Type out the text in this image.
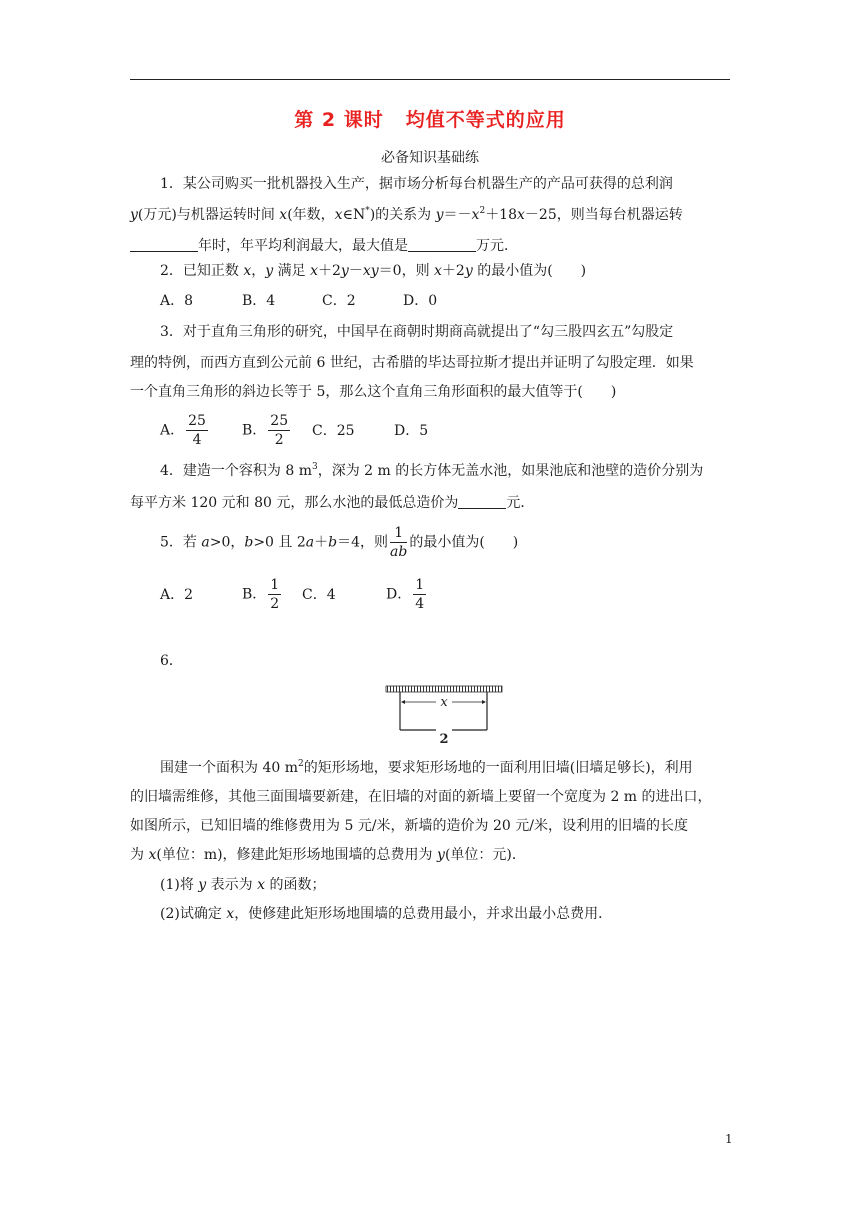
第 2 课时 均值不等式的应用
必备知识基础练
1．某公司购买一批机器投入生产，据市场分析每台机器生产的产品可获得的总利润
y(万元)与机器运转时间 x(年数，x∈N*)的关系为 $y=-x^2+18x-25$，则当每台机器运转
年时，年平均利润最大，最大值是	万元．
2．已知正数 x，y 满足 x＋2y－xy＝0，则 x＋2y 的最小值为(　　)
A．8	B．4	C．2	D．0
3．对于直角三角形的研究，中国早在商朝时期商高就提出了“勾三股四玄五”勾股定
理的特例，而西方直到公元前 6 世纪，古希腊的毕达哥拉斯才提出并证明了勾股定理．如果
一个直角三角形的斜边长等于 5，那么这个直角三角形面积的最大值等于(　　)
A． $\frac{25}{4}$ B． $\frac{25}{2}$ C．25	D．5
4．建造一个容积为 8 $m^3$，深为 2 m 的长方体无盖水池，如果池底和池壁的造价分别为
每平方米 120 元和 80 元，那么水池的最低总造价为	元．
5．若 a>0，b>0 且 2a＋b＝4，则 $\frac{1}{ab}$ 的最小值为(　　)
A．2	B． $\frac{1}{2}$ C．4	D． $\frac{1}{4}$
6．
x
2
围建一个面积为 40 $m^2$的矩形场地，要求矩形场地的一面利用旧墙(旧墙足够长)，利用
的旧墙需维修，其他三面围墙要新建，在旧墙的对面的新墙上要留一个宽度为 2 m 的进出口，
如图所示，已知旧墙的维修费用为 5 元/米，新墙的造价为 20 元/米，设利用的旧墙的长度
为 x(单位：m)，修建此矩形场地围墙的总费用为 y(单位：元)．
(1)将 y 表示为 x 的函数；
(2)试确定 x，使修建此矩形场地围墙的总费用最小，并求出最小总费用．
1
